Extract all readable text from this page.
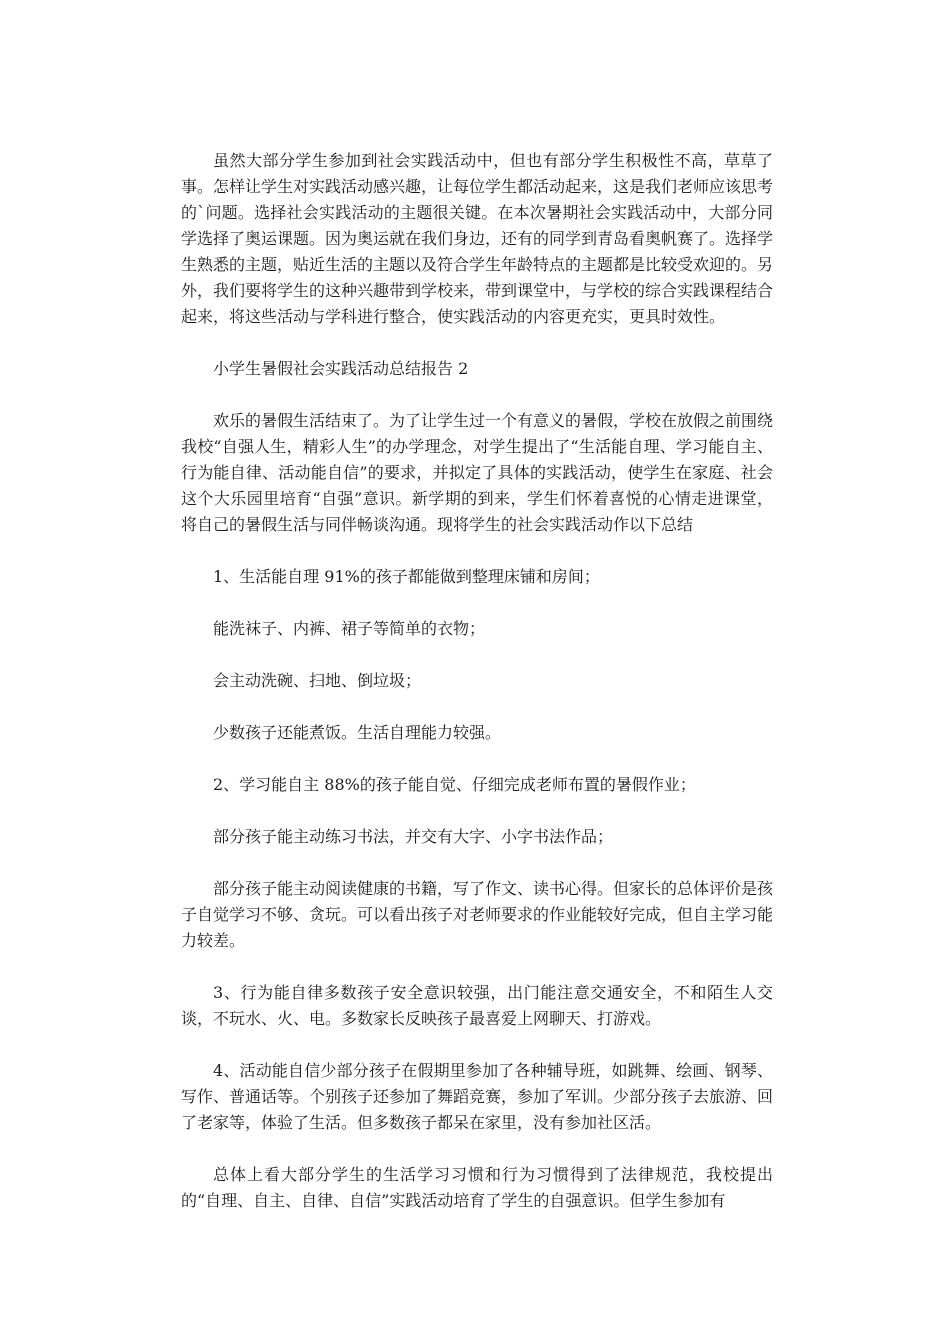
虽然大部分学生参加到社会实践活动中，但也有部分学生积极性不高，草草了事。怎样让学生对实践活动感兴趣，让每位学生都活动起来，这是我们老师应该思考的`问题。选择社会实践活动的主题很关键。在本次暑期社会实践活动中，大部分同学选择了奥运课题。因为奥运就在我们身边，还有的同学到青岛看奥帆赛了。选择学生熟悉的主题，贴近生活的主题以及符合学生年龄特点的主题都是比较受欢迎的。另外，我们要将学生的这种兴趣带到学校来，带到课堂中，与学校的综合实践课程结合起来，将这些活动与学科进行整合，使实践活动的内容更充实，更具时效性。

小学生暑假社会实践活动总结报告 2

欢乐的暑假生活结束了。为了让学生过一个有意义的暑假，学校在放假之前围绕我校“自强人生，精彩人生”的办学理念，对学生提出了“生活能自理、学习能自主、行为能自律、活动能自信”的要求，并拟定了具体的实践活动，使学生在家庭、社会这个大乐园里培育“自强”意识。新学期的到来，学生们怀着喜悦的心情走进课堂，将自己的暑假生活与同伴畅谈沟通。现将学生的社会实践活动作以下总结

1、生活能自理 91%的孩子都能做到整理床铺和房间；

能洗袜子、内裤、裙子等简单的衣物；

会主动洗碗、扫地、倒垃圾；

少数孩子还能煮饭。生活自理能力较强。

2、学习能自主 88%的孩子能自觉、仔细完成老师布置的暑假作业；

部分孩子能主动练习书法，并交有大字、小字书法作品；

部分孩子能主动阅读健康的书籍，写了作文、读书心得。但家长的总体评价是孩子自觉学习不够、贪玩。可以看出孩子对老师要求的作业能较好完成，但自主学习能力较差。

3、行为能自律多数孩子安全意识较强，出门能注意交通安全，不和陌生人交谈，不玩水、火、电。多数家长反映孩子最喜爱上网聊天、打游戏。

4、活动能自信少部分孩子在假期里参加了各种辅导班，如跳舞、绘画、钢琴、写作、普通话等。个别孩子还参加了舞蹈竞赛，参加了军训。少部分孩子去旅游、回了老家等，体验了生活。但多数孩子都呆在家里，没有参加社区活。

总体上看大部分学生的生活学习习惯和行为习惯得到了法律规范，我校提出的“自理、自主、自律、自信”实践活动培育了学生的自强意识。但学生参加有
